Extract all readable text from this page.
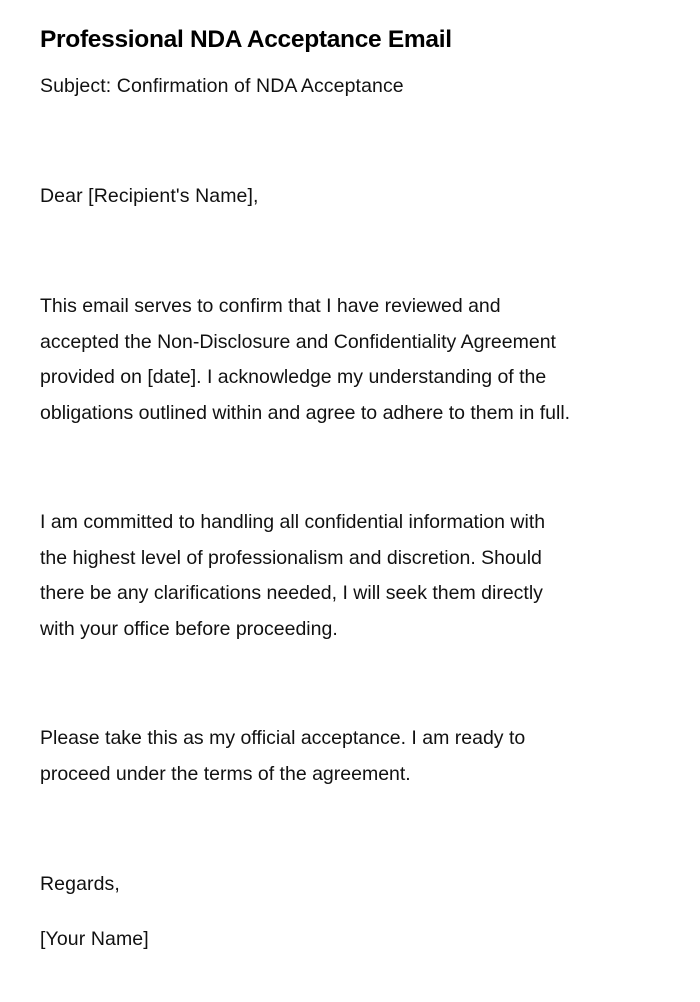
Professional NDA Acceptance Email
Subject: Confirmation of NDA Acceptance
Dear [Recipient's Name],
This email serves to confirm that I have reviewed and
accepted the Non-Disclosure and Confidentiality Agreement
provided on [date]. I acknowledge my understanding of the
obligations outlined within and agree to adhere to them in full.
I am committed to handling all confidential information with
the highest level of professionalism and discretion. Should
there be any clarifications needed, I will seek them directly
with your office before proceeding.
Please take this as my official acceptance. I am ready to
proceed under the terms of the agreement.
Regards,
[Your Name]
